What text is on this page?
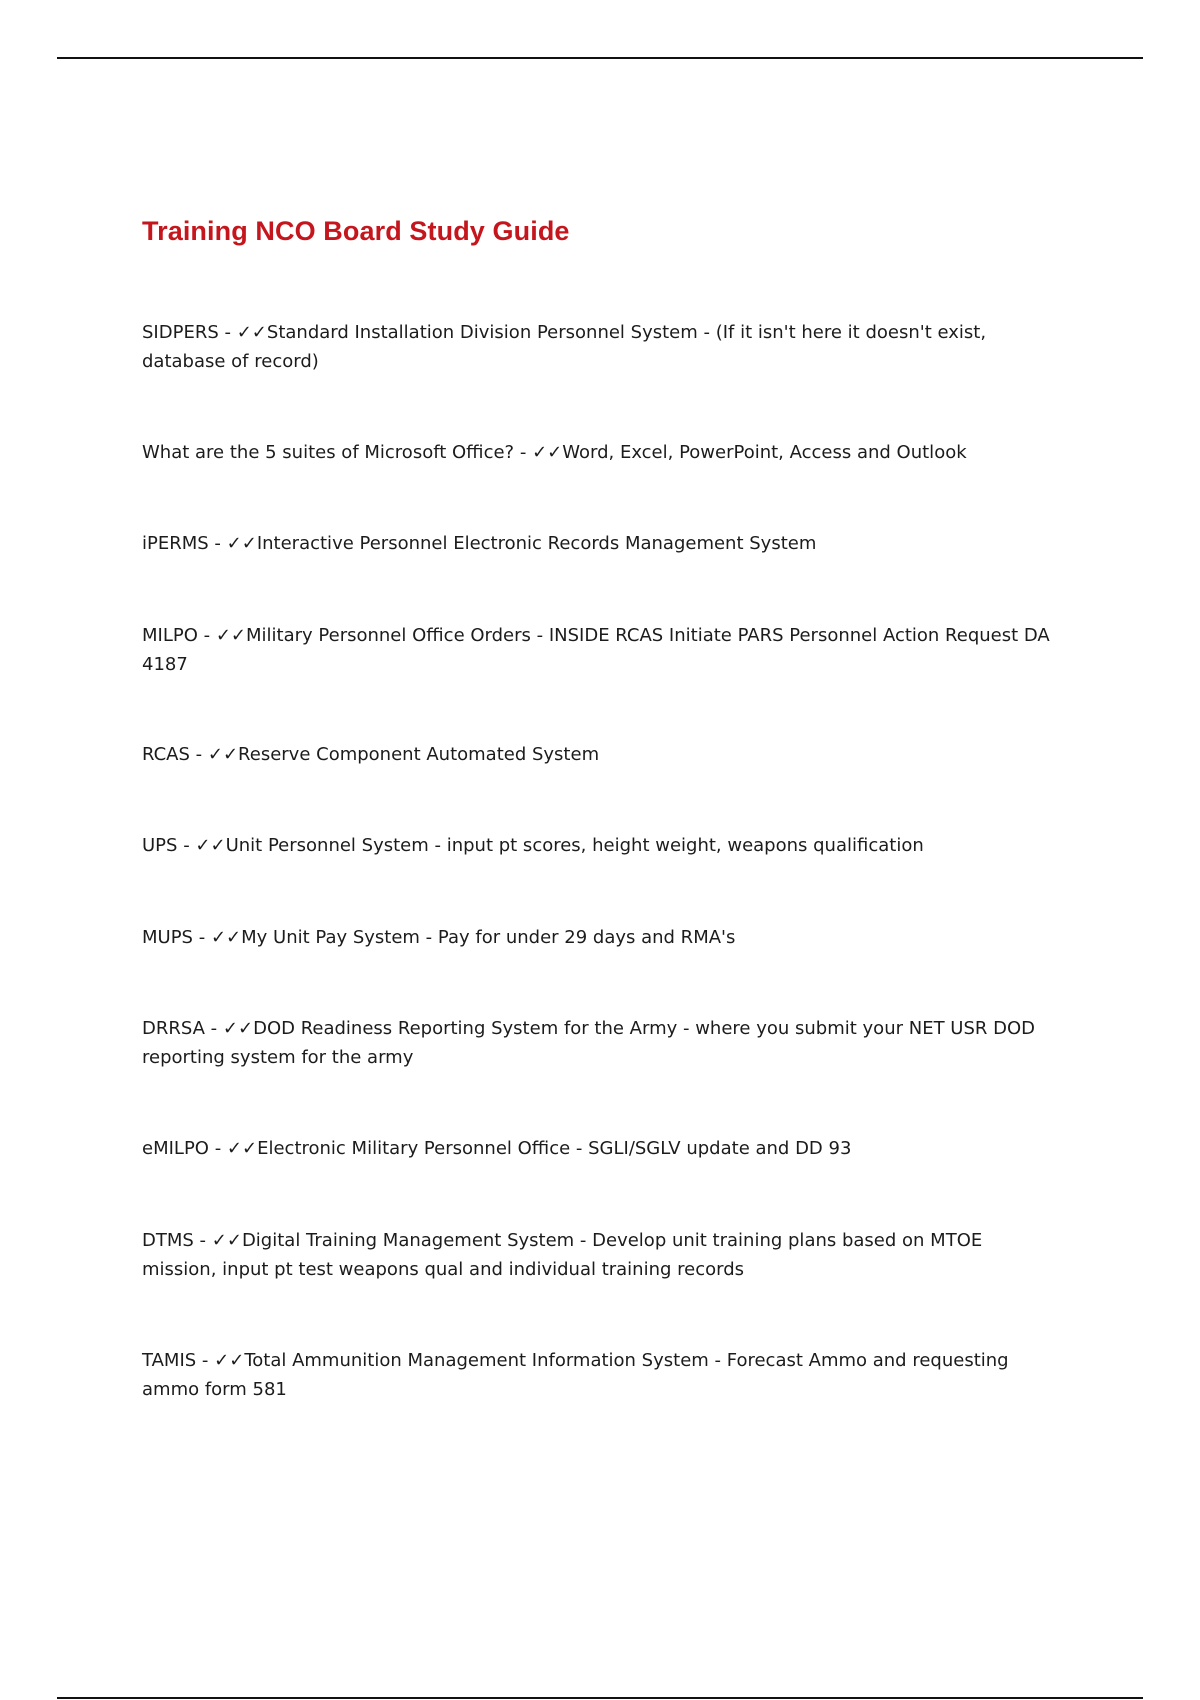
Training NCO Board Study Guide

SIDPERS - ✓✓Standard Installation Division Personnel System - (If it isn't here it doesn't exist, database of record)

What are the 5 suites of Microsoft Office? - ✓✓Word, Excel, PowerPoint, Access and Outlook

iPERMS - ✓✓Interactive Personnel Electronic Records Management System

MILPO - ✓✓Military Personnel Office Orders - INSIDE RCAS Initiate PARS Personnel Action Request DA 4187

RCAS - ✓✓Reserve Component Automated System

UPS - ✓✓Unit Personnel System - input pt scores, height weight, weapons qualification

MUPS - ✓✓My Unit Pay System - Pay for under 29 days and RMA's

DRRSA - ✓✓DOD Readiness Reporting System for the Army - where you submit your NET USR DOD reporting system for the army

eMILPO - ✓✓Electronic Military Personnel Office - SGLI/SGLV update and DD 93

DTMS - ✓✓Digital Training Management System - Develop unit training plans based on MTOE mission, input pt test weapons qual and individual training records

TAMIS - ✓✓Total Ammunition Management Information System - Forecast Ammo and requesting ammo form 581
